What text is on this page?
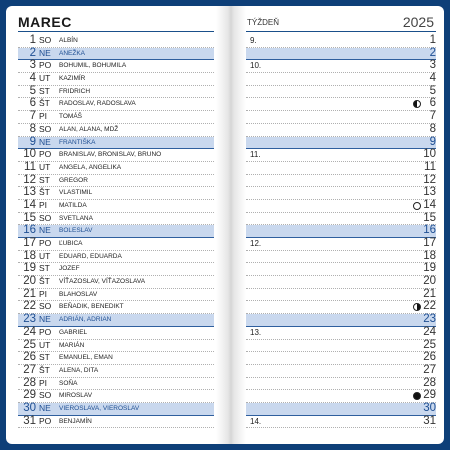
MAREC	TÝŽDEŇ	2025
1 SO ALBÍN
2 NE ANEŽKA
3 PO BOHUMIL, BOHUMILA
4 UT KAZIMÍR
5 ST FRIDRICH
6 ŠT RADOSLAV, RADOSLAVA
7 PI TOMÁŠ
8 SO ALAN, ALANA, MDŽ
9 NE FRANTIŠKA
10 PO BRANISLAV, BRONISLAV, BRUNO
11 UT ANGELA, ANGELIKA
12 ST GREGOR
13 ŠT VLASTIMIL
14 PI MATILDA
15 SO SVETLANA
16 NE BOLESLAV
17 PO ĽUBICA
18 UT EDUARD, EDUARDA
19 ST JOZEF
20 ŠT VÍŤAZOSLAV, VÍŤAZOSLAVA
21 PI BLAHOSLAV
22 SO BEŇADIK, BENEDIKT
23 NE ADRIÁN, ADRIAN
24 PO GABRIEL
25 UT MARIÁN
26 ST EMANUEL, EMAN
27 ŠT ALENA, DITA
28 PI SOŇA
29 SO MIROSLAV
30 NE VIEROSLAVA, VIEROSLAV
31 PO BENJAMÍN
9.	1
2
10.	3
4
5
6
7
8
9
11.	10
11
12
13
14
15
16
12.	17
18
19
20
21
22
23
13.	24
25
26
27
28
29
30
14.	31
